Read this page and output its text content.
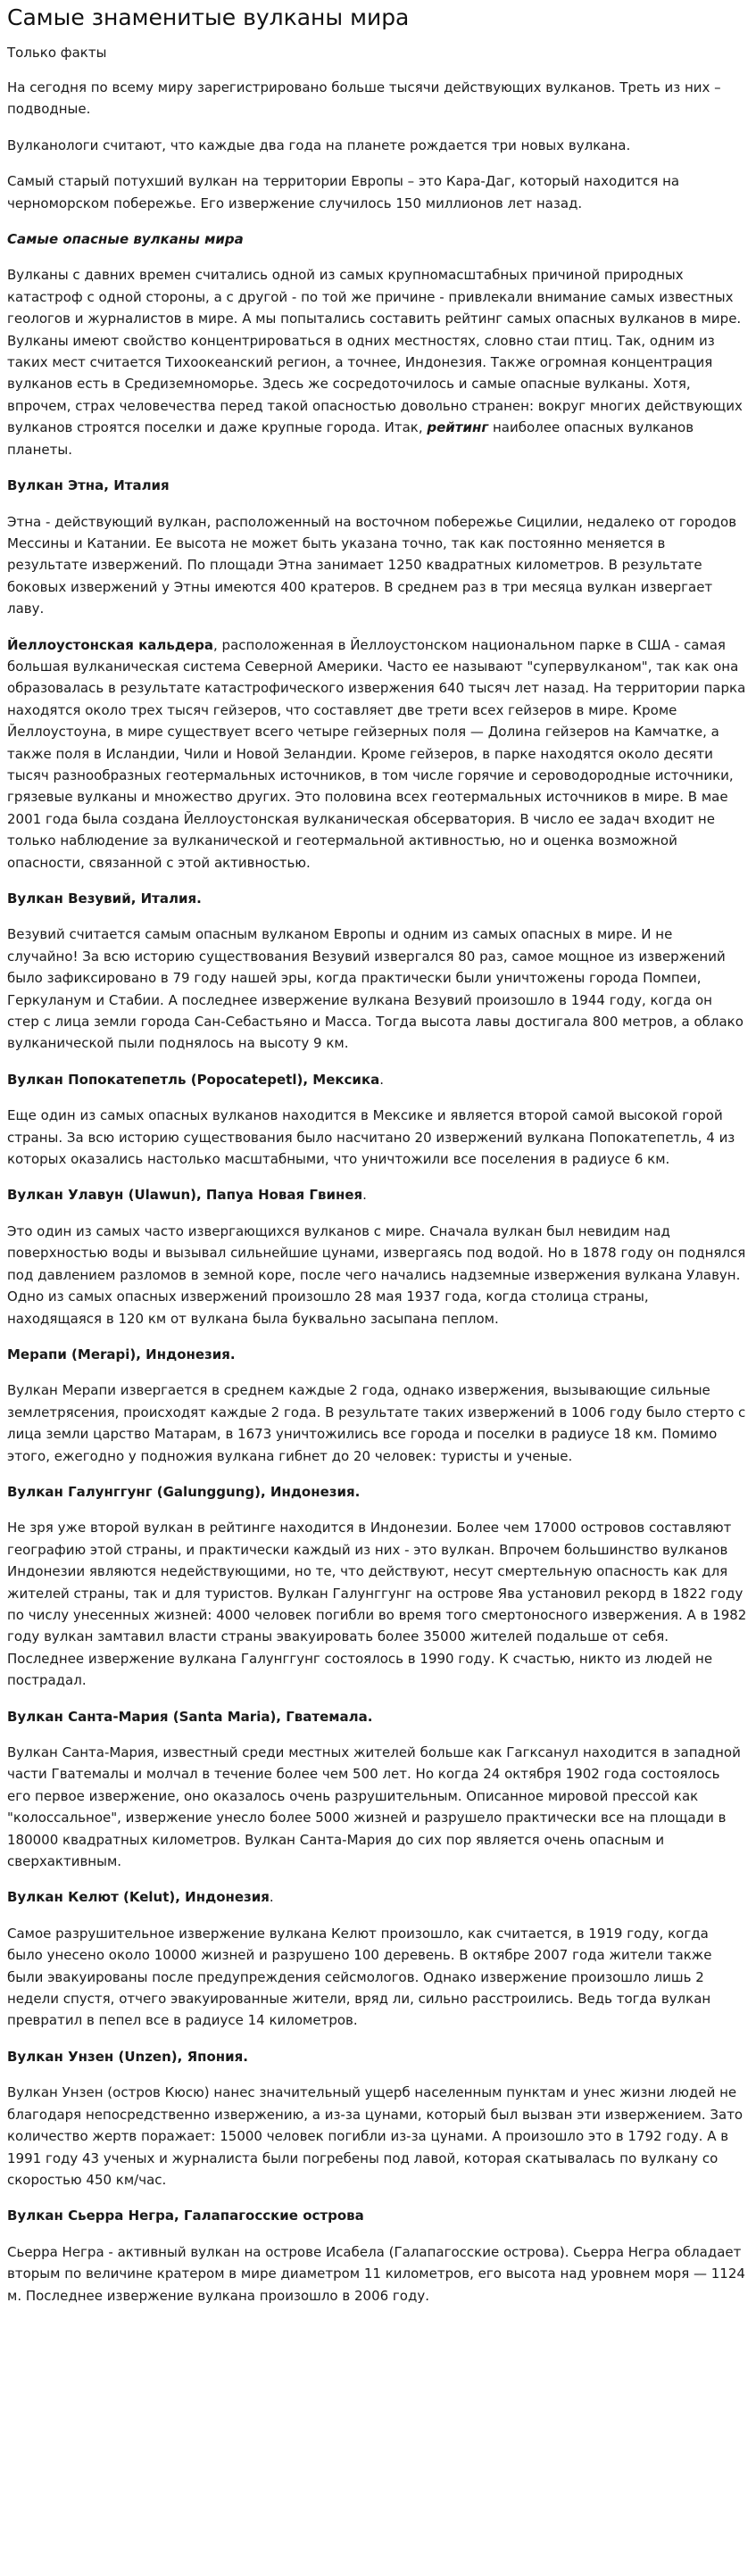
Самые знаменитые вулканы мира
Только факты

На сегодня по всему миру зарегистрировано больше тысячи действующих вулканов. Треть из них – подводные.

Вулканологи считают, что каждые два года на планете рождается три новых вулкана.

Самый старый потухший вулкан на территории Европы – это Кара-Даг, который находится на черноморском побережье. Его извержение случилось 150 миллионов лет назад.

Самые опасные вулканы мира

Вулканы с давних времен считались одной из самых крупномасштабных причиной природных катастроф с одной стороны, а с другой - по той же причине - привлекали внимание самых известных геологов и журналистов в мире. А мы попытались составить рейтинг самых опасных вулканов в мире. Вулканы имеют свойство концентрироваться в одних местностях, словно стаи птиц. Так, одним из таких мест считается Тихоокеанский регион, а точнее, Индонезия. Также огромная концентрация вулканов есть в Средиземноморье. Здесь же сосредоточилось и самые опасные вулканы. Хотя, впрочем, страх человечества перед такой опасностью довольно странен: вокруг многих действующих вулканов строятся поселки и даже крупные города. Итак, рейтинг наиболее опасных вулканов планеты.

Вулкан Этна, Италия

Этна - действующий вулкан, расположенный на восточном побережье Сицилии, недалеко от городов Мессины и Катании. Ее высота не может быть указана точно, так как постоянно меняется в результате извержений. По площади Этна занимает 1250 квадратных километров. В результате боковых извержений у Этны имеются 400 кратеров. В среднем раз в три месяца вулкан извергает лаву.

Йеллоустонская кальдера, расположенная в Йеллоустонском национальном парке в США - самая большая вулканическая система Северной Америки. Часто ее называют "супервулканом", так как она образовалась в результате катастрофического извержения 640 тысяч лет назад. На территории парка находятся около трех тысяч гейзеров, что составляет две трети всех гейзеров в мире. Кроме Йеллоустоуна, в мире существует всего четыре гейзерных поля — Долина гейзеров на Камчатке, а также поля в Исландии, Чили и Новой Зеландии. Кроме гейзеров, в парке находятся около десяти тысяч разнообразных геотермальных источников, в том числе горячие и сероводородные источники, грязевые вулканы и множество других. Это половина всех геотермальных источников в мире. В мае 2001 года была создана Йеллоустонская вулканическая обсерватория. В число ее задач входит не только наблюдение за вулканической и геотермальной активностью, но и оценка возможной опасности, связанной с этой активностью.

Вулкан Везувий, Италия.

Везувий считается самым опасным вулканом Европы и одним из самых опасных в мире. И не случайно! За всю историю существования Везувий извергался 80 раз, самое мощное из извержений было зафиксировано в 79 году нашей эры, когда практически были уничтожены города Помпеи, Геркуланум и Стабии. А последнее извержение вулкана Везувий произошло в 1944 году, когда он стер с лица земли города Сан-Себастьяно и Масса. Тогда высота лавы достигала 800 метров, а облако вулканической пыли поднялось на высоту 9 км.

Вулкан Попокатепетль (Popocatepetl), Мексика.

Еще один из самых опасных вулканов находится в Мексике и является второй самой высокой горой страны. За всю историю существования было насчитано 20 извержений вулкана Попокатепетль, 4 из которых оказались настолько масштабными, что уничтожили все поселения в радиусе 6 км.

Вулкан Улавун (Ulawun), Папуа Новая Гвинея.

Это один из самых часто извергающихся вулканов с мире. Сначала вулкан был невидим над поверхностью воды и вызывал сильнейшие цунами, извергаясь под водой. Но в 1878 году он поднялся под давлением разломов в земной коре, после чего начались надземные извержения вулкана Улавун. Одно из самых опасных извержений произошло 28 мая 1937 года, когда столица страны, находящаяся в 120 км от вулкана была буквально засыпана пеплом.

Мерапи (Merapi), Индонезия.

Вулкан Мерапи извергается в среднем каждые 2 года, однако извержения, вызывающие сильные землетрясения, происходят каждые 2 года. В результате таких извержений в 1006 году было стерто с лица земли царство Матарам, в 1673 уничтожились все города и поселки в радиусе 18 км. Помимо этого, ежегодно у подножия вулкана гибнет до 20 человек: туристы и ученые.

Вулкан Галунггунг (Galunggung), Индонезия.

Не зря уже второй вулкан в рейтинге находится в Индонезии. Более чем 17000 островов составляют географию этой страны, и практически каждый из них - это вулкан. Впрочем большинство вулканов Индонезии являются недействующими, но те, что действуют, несут смертельную опасность как для жителей страны, так и для туристов. Вулкан Галунггунг на острове Ява установил рекорд в 1822 году по числу унесенных жизней: 4000 человек погибли во время того смертоносного извержения. А в 1982 году вулкан замтавил власти страны эвакуировать более 35000 жителей подальше от себя. Последнее извержение вулкана Галунггунг состоялось в 1990 году. К счастью, никто из людей не пострадал.

Вулкан Санта-Мария (Santa Maria), Гватемала.

Вулкан Санта-Мария, известный среди местных жителей больше как Гагксанул находится в западной части Гватемалы и молчал в течение более чем 500 лет. Но когда 24 октября 1902 года состоялось его первое извержение, оно оказалось очень разрушительным. Описанное мировой прессой как "колоссальное", извержение унесло более 5000 жизней и разрушело практически все на площади в 180000 квадратных километров. Вулкан Санта-Мария до сих пор является очень опасным и сверхактивным.

Вулкан Келют (Kelut), Индонезия.

Самое разрушительное извержение вулкана Келют произошло, как считается, в 1919 году, когда было унесено около 10000 жизней и разрушено 100 деревень. В октябре 2007 года жители также были эвакуированы после предупреждения сейсмологов. Однако извержение произошло лишь 2 недели спустя, отчего эвакуированные жители, вряд ли, сильно расстроились. Ведь тогда вулкан превратил в пепел все в радиусе 14 километров.

Вулкан Унзен (Unzen), Япония.

Вулкан Унзен (остров Кюсю) нанес значительный ущерб населенным пунктам и унес жизни людей не благодаря непосредственно извержению, а из-за цунами, который был вызван эти извержением. Зато количество жертв поражает: 15000 человек погибли из-за цунами. А произошло это в 1792 году. А в 1991 году 43 ученых и журналиста были погребены под лавой, которая скатывалась по вулкану со скоростью 450 км/час.

Вулкан Сьерра Негра, Галапагосские острова

Сьерра Негра - активный вулкан на острове Исабела (Галапагосские острова). Сьерра Негра обладает вторым по величине кратером в мире диаметром 11 километров, его высота над уровнем моря — 1124 м. Последнее извержение вулкана произошло в 2006 году.
